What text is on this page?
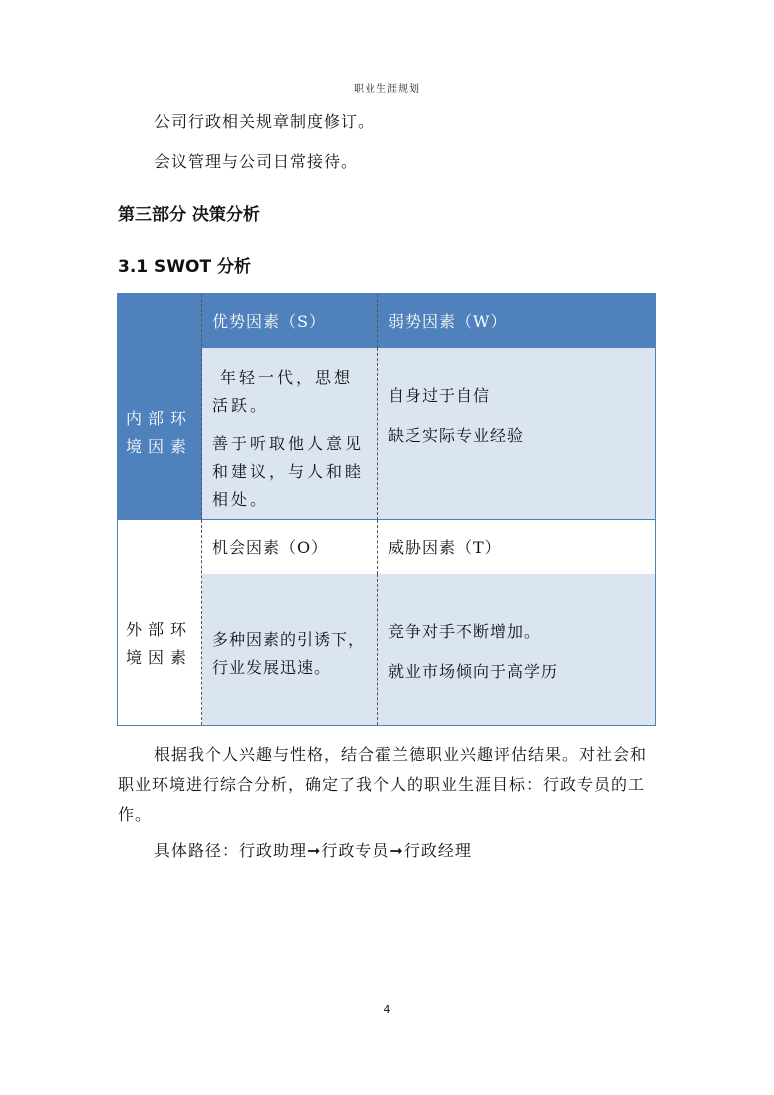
职业生涯规划

公司行政相关规章制度修订。

会议管理与公司日常接待。

第三部分 决策分析
3.1 SWOT 分析
内部环境因素
优势因素（S）	弱势因素（W）

年轻一代，思想活跃。

善于听取他人意见和建议，与人和睦相处。

自身过于自信

缺乏实际专业经验

外部环境因素
机会因素（O）	威胁因素（T）

多种因素的引诱下，行业发展迅速。

竞争对手不断增加。

就业市场倾向于高学历

根据我个人兴趣与性格，结合霍兰德职业兴趣评估结果。对社会和职业环境进行综合分析，确定了我个人的职业生涯目标：行政专员的工作。

具体路径：行政助理➞行政专员➞行政经理

4
